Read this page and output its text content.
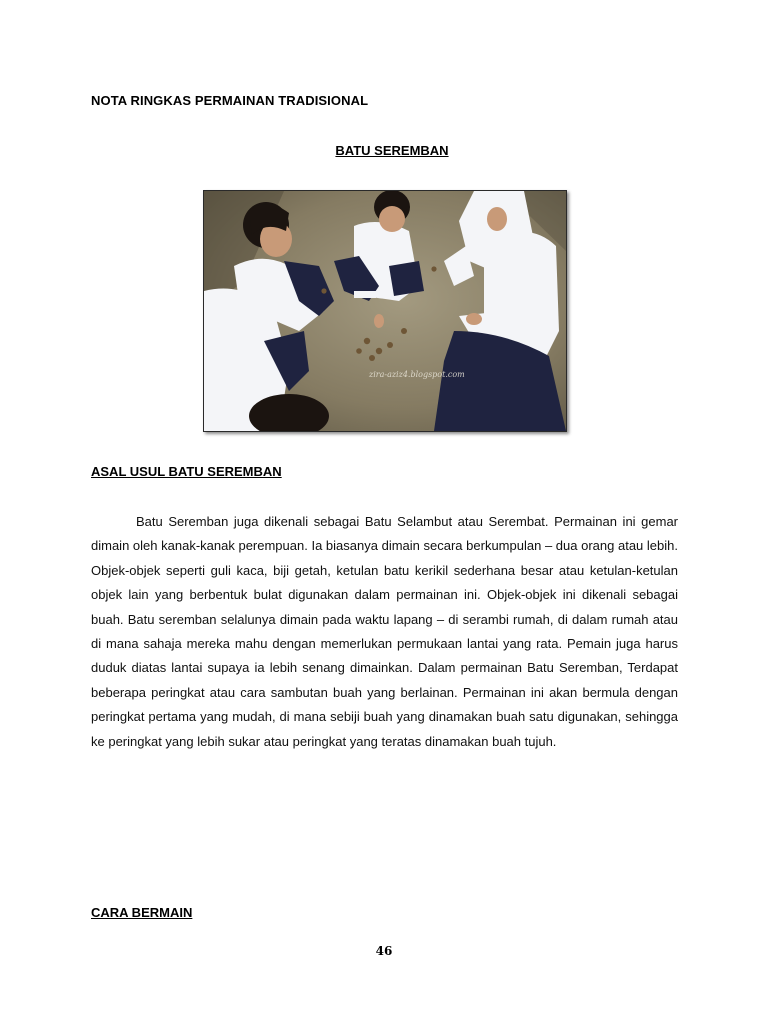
NOTA RINGKAS PERMAINAN TRADISIONAL
BATU SEREMBAN
zira-aziz4.blogspot.com
ASAL USUL BATU SEREMBAN

Batu Seremban juga dikenali sebagai Batu Selambut atau Serembat. Permainan ini gemar dimain oleh kanak-kanak perempuan. Ia biasanya dimain secara berkumpulan – dua orang atau lebih. Objek-objek seperti guli kaca, biji getah, ketulan batu kerikil sederhana besar atau ketulan-ketulan objek lain yang berbentuk bulat digunakan dalam permainan ini. Objek-objek ini dikenali sebagai buah. Batu seremban selalunya dimain pada waktu lapang – di serambi rumah, di dalam rumah atau di mana sahaja mereka mahu dengan memerlukan permukaan lantai yang rata. Pemain juga harus duduk diatas lantai supaya ia lebih senang dimainkan. Dalam permainan Batu Seremban, Terdapat beberapa peringkat atau cara sambutan buah yang berlainan. Permainan ini akan bermula dengan peringkat pertama yang mudah, di mana sebiji buah yang dinamakan buah satu digunakan, sehingga ke peringkat yang lebih sukar atau peringkat yang teratas dinamakan buah tujuh.

CARA BERMAIN
46
